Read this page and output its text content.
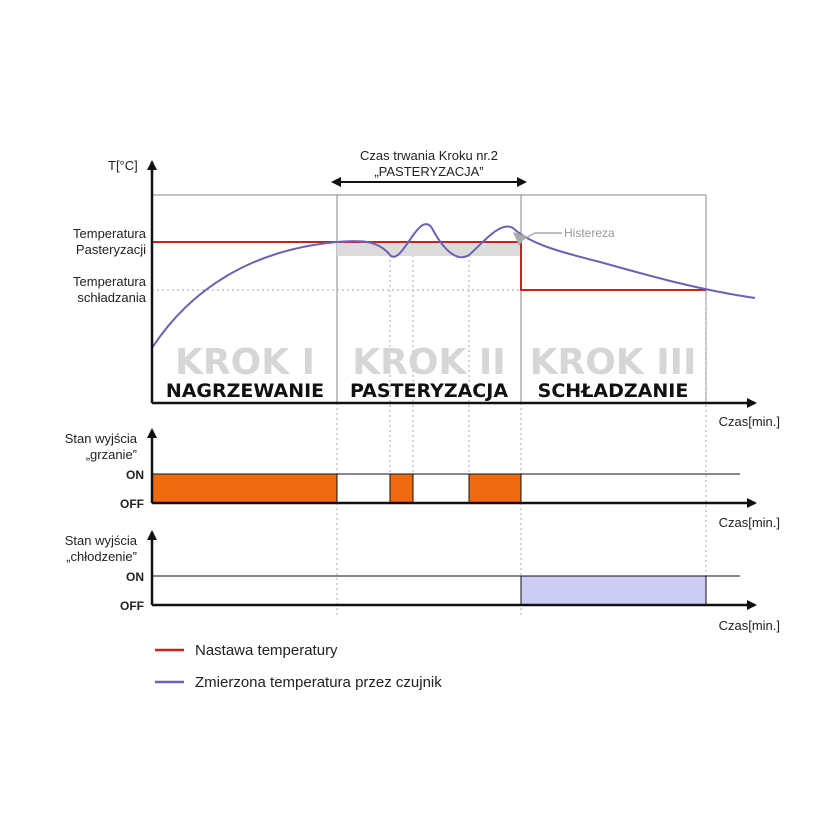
KROK I KROK II KROK III
NAGRZEWANIE PASTERYZACJA SCHŁADZANIE
T[°C]
Czas[min.]
Temperatura
Pasteryzacji
Temperatura
schładzania
Czas trwania Kroku nr.2
„PASTERYZACJA”
Histereza
Stan wyjścia
„grzanie”
ON
OFF
Czas[min.]
Stan wyjścia
„chłodzenie”
ON
OFF
Czas[min.]
Nastawa temperatury
Zmierzona temperatura przez czujnik
